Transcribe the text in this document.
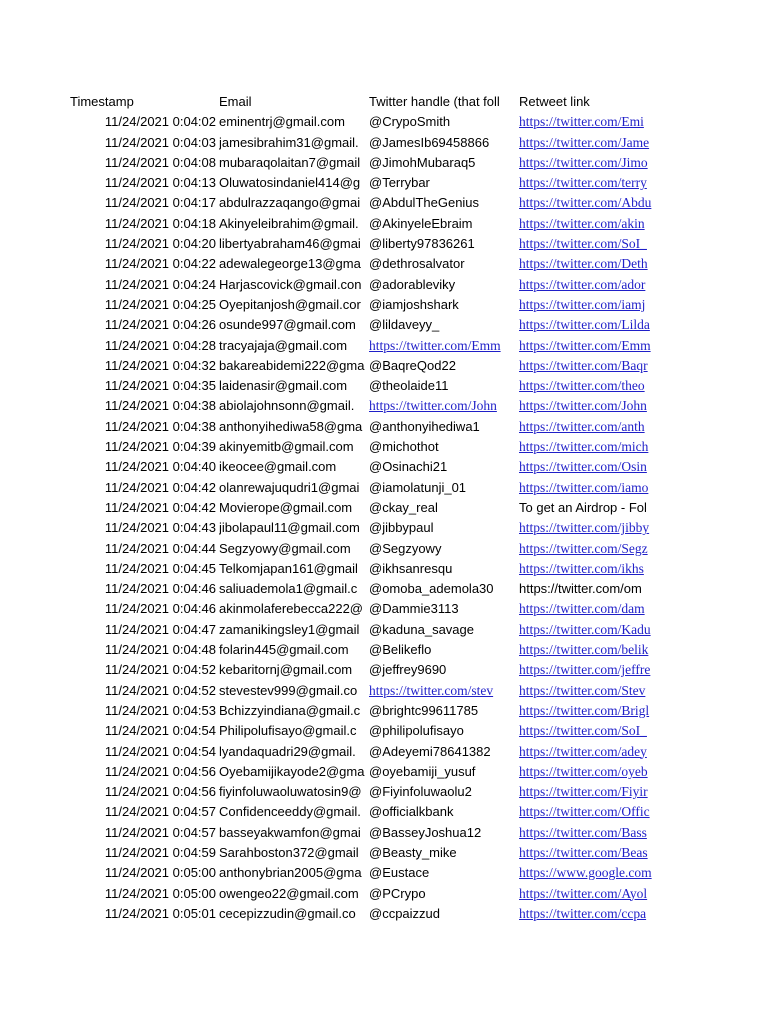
Timestamp	Email	Twitter handle (that foll	Retweet link
11/24/2021 0:04:02 eminentrj@gmail.com	@CrypoSmith	https://twitter.com/Emi
11/24/2021 0:04:03 jamesibrahim31@gmail. @JamesIb69458866	https://twitter.com/Jame
11/24/2021 0:04:08 mubaraqolaitan7@gmail @JimohMubaraq5	https://twitter.com/Jimo
11/24/2021 0:04:13 Oluwatosindaniel414@g @Terrybar	https://twitter.com/terry
11/24/2021 0:04:17 abdulrazzaqango@gmai @AbdulTheGenius	https://twitter.com/Abdu
11/24/2021 0:04:18 Akinyeleibrahim@gmail. @AkinyeleEbraim	https://twitter.com/akin
11/24/2021 0:04:20 libertyabraham46@gmai @liberty97836261	https://twitter.com/SoI_
11/24/2021 0:04:22 adewalegeorge13@gma @dethrosalvator	https://twitter.com/Deth
11/24/2021 0:04:24 Harjascovick@gmail.con @adorableviky	https://twitter.com/ador
11/24/2021 0:04:25 Oyepitanjosh@gmail.cor @iamjoshshark	https://twitter.com/iamj
11/24/2021 0:04:26 osunde997@gmail.com	@lildaveyy_	https://twitter.com/Lilda
11/24/2021 0:04:28 tracyajaja@gmail.com	https://twitter.com/Emm	https://twitter.com/Emm
11/24/2021 0:04:32 bakareabidemi222@gma @BaqreQod22	https://twitter.com/Baqr
11/24/2021 0:04:35 laidenasir@gmail.com	@theolaide11	https://twitter.com/theo
11/24/2021 0:04:38 abiolajohnsonn@gmail.	https://twitter.com/John	https://twitter.com/John
11/24/2021 0:04:38 anthonyihediwa58@gma @anthonyihediwa1	https://twitter.com/anth
11/24/2021 0:04:39 akinyemitb@gmail.com	@michothot	https://twitter.com/mich
11/24/2021 0:04:40 ikeocee@gmail.com	@Osinachi21	https://twitter.com/Osin
11/24/2021 0:04:42 olanrewajuqudri1@gmai @iamolatunji_01	https://twitter.com/iamo
11/24/2021 0:04:42 Movierope@gmail.com	@ckay_real	To get an Airdrop - Fol
11/24/2021 0:04:43 jibolapaul11@gmail.com @jibbypaul	https://twitter.com/jibby
11/24/2021 0:04:44 Segzyowy@gmail.com	@Segzyowy	https://twitter.com/Segz
11/24/2021 0:04:45 Telkomjapan161@gmail @ikhsanresqu	https://twitter.com/ikhs
11/24/2021 0:04:46 saliuademola1@gmail.c @omoba_ademola30	https://twitter.com/om
11/24/2021 0:04:46 akinmolaferebecca222@ @Dammie3113	https://twitter.com/dam
11/24/2021 0:04:47 zamanikingsley1@gmail @kaduna_savage	https://twitter.com/Kadu
11/24/2021 0:04:48 folarin445@gmail.com	@Belikeflo	https://twitter.com/belik
11/24/2021 0:04:52 kebaritornj@gmail.com	@jeffrey9690	https://twitter.com/jeffre
11/24/2021 0:04:52 stevestev999@gmail.co https://twitter.com/stev	https://twitter.com/Stev
11/24/2021 0:04:53 Bchizzyindiana@gmail.c @brightc99611785	https://twitter.com/Brigl
11/24/2021 0:04:54 Philipolufisayo@gmail.c @philipolufisayo	https://twitter.com/SoI_
11/24/2021 0:04:54 lyandaquadri29@gmail.	@Adeyemi78641382	https://twitter.com/adey
11/24/2021 0:04:56 Oyebamijikayode2@gma @oyebamiji_yusuf	https://twitter.com/oyeb
11/24/2021 0:04:56 fiyinfoluwaoluwatosin9@ @Fiyinfoluwaolu2	https://twitter.com/Fiyir
11/24/2021 0:04:57 Confidenceeddy@gmail. @officialkbank	https://twitter.com/Offic
11/24/2021 0:04:57 basseyakwamfon@gmai @BasseyJoshua12	https://twitter.com/Bass
11/24/2021 0:04:59 Sarahboston372@gmail @Beasty_mike	https://twitter.com/Beas
11/24/2021 0:05:00 anthonybrian2005@gma @Eustace	https://www.google.com
11/24/2021 0:05:00 owengeo22@gmail.com @PCrypo	https://twitter.com/Ayol
11/24/2021 0:05:01 cecepizzudin@gmail.co	@ccpaizzud	https://twitter.com/ccpa
